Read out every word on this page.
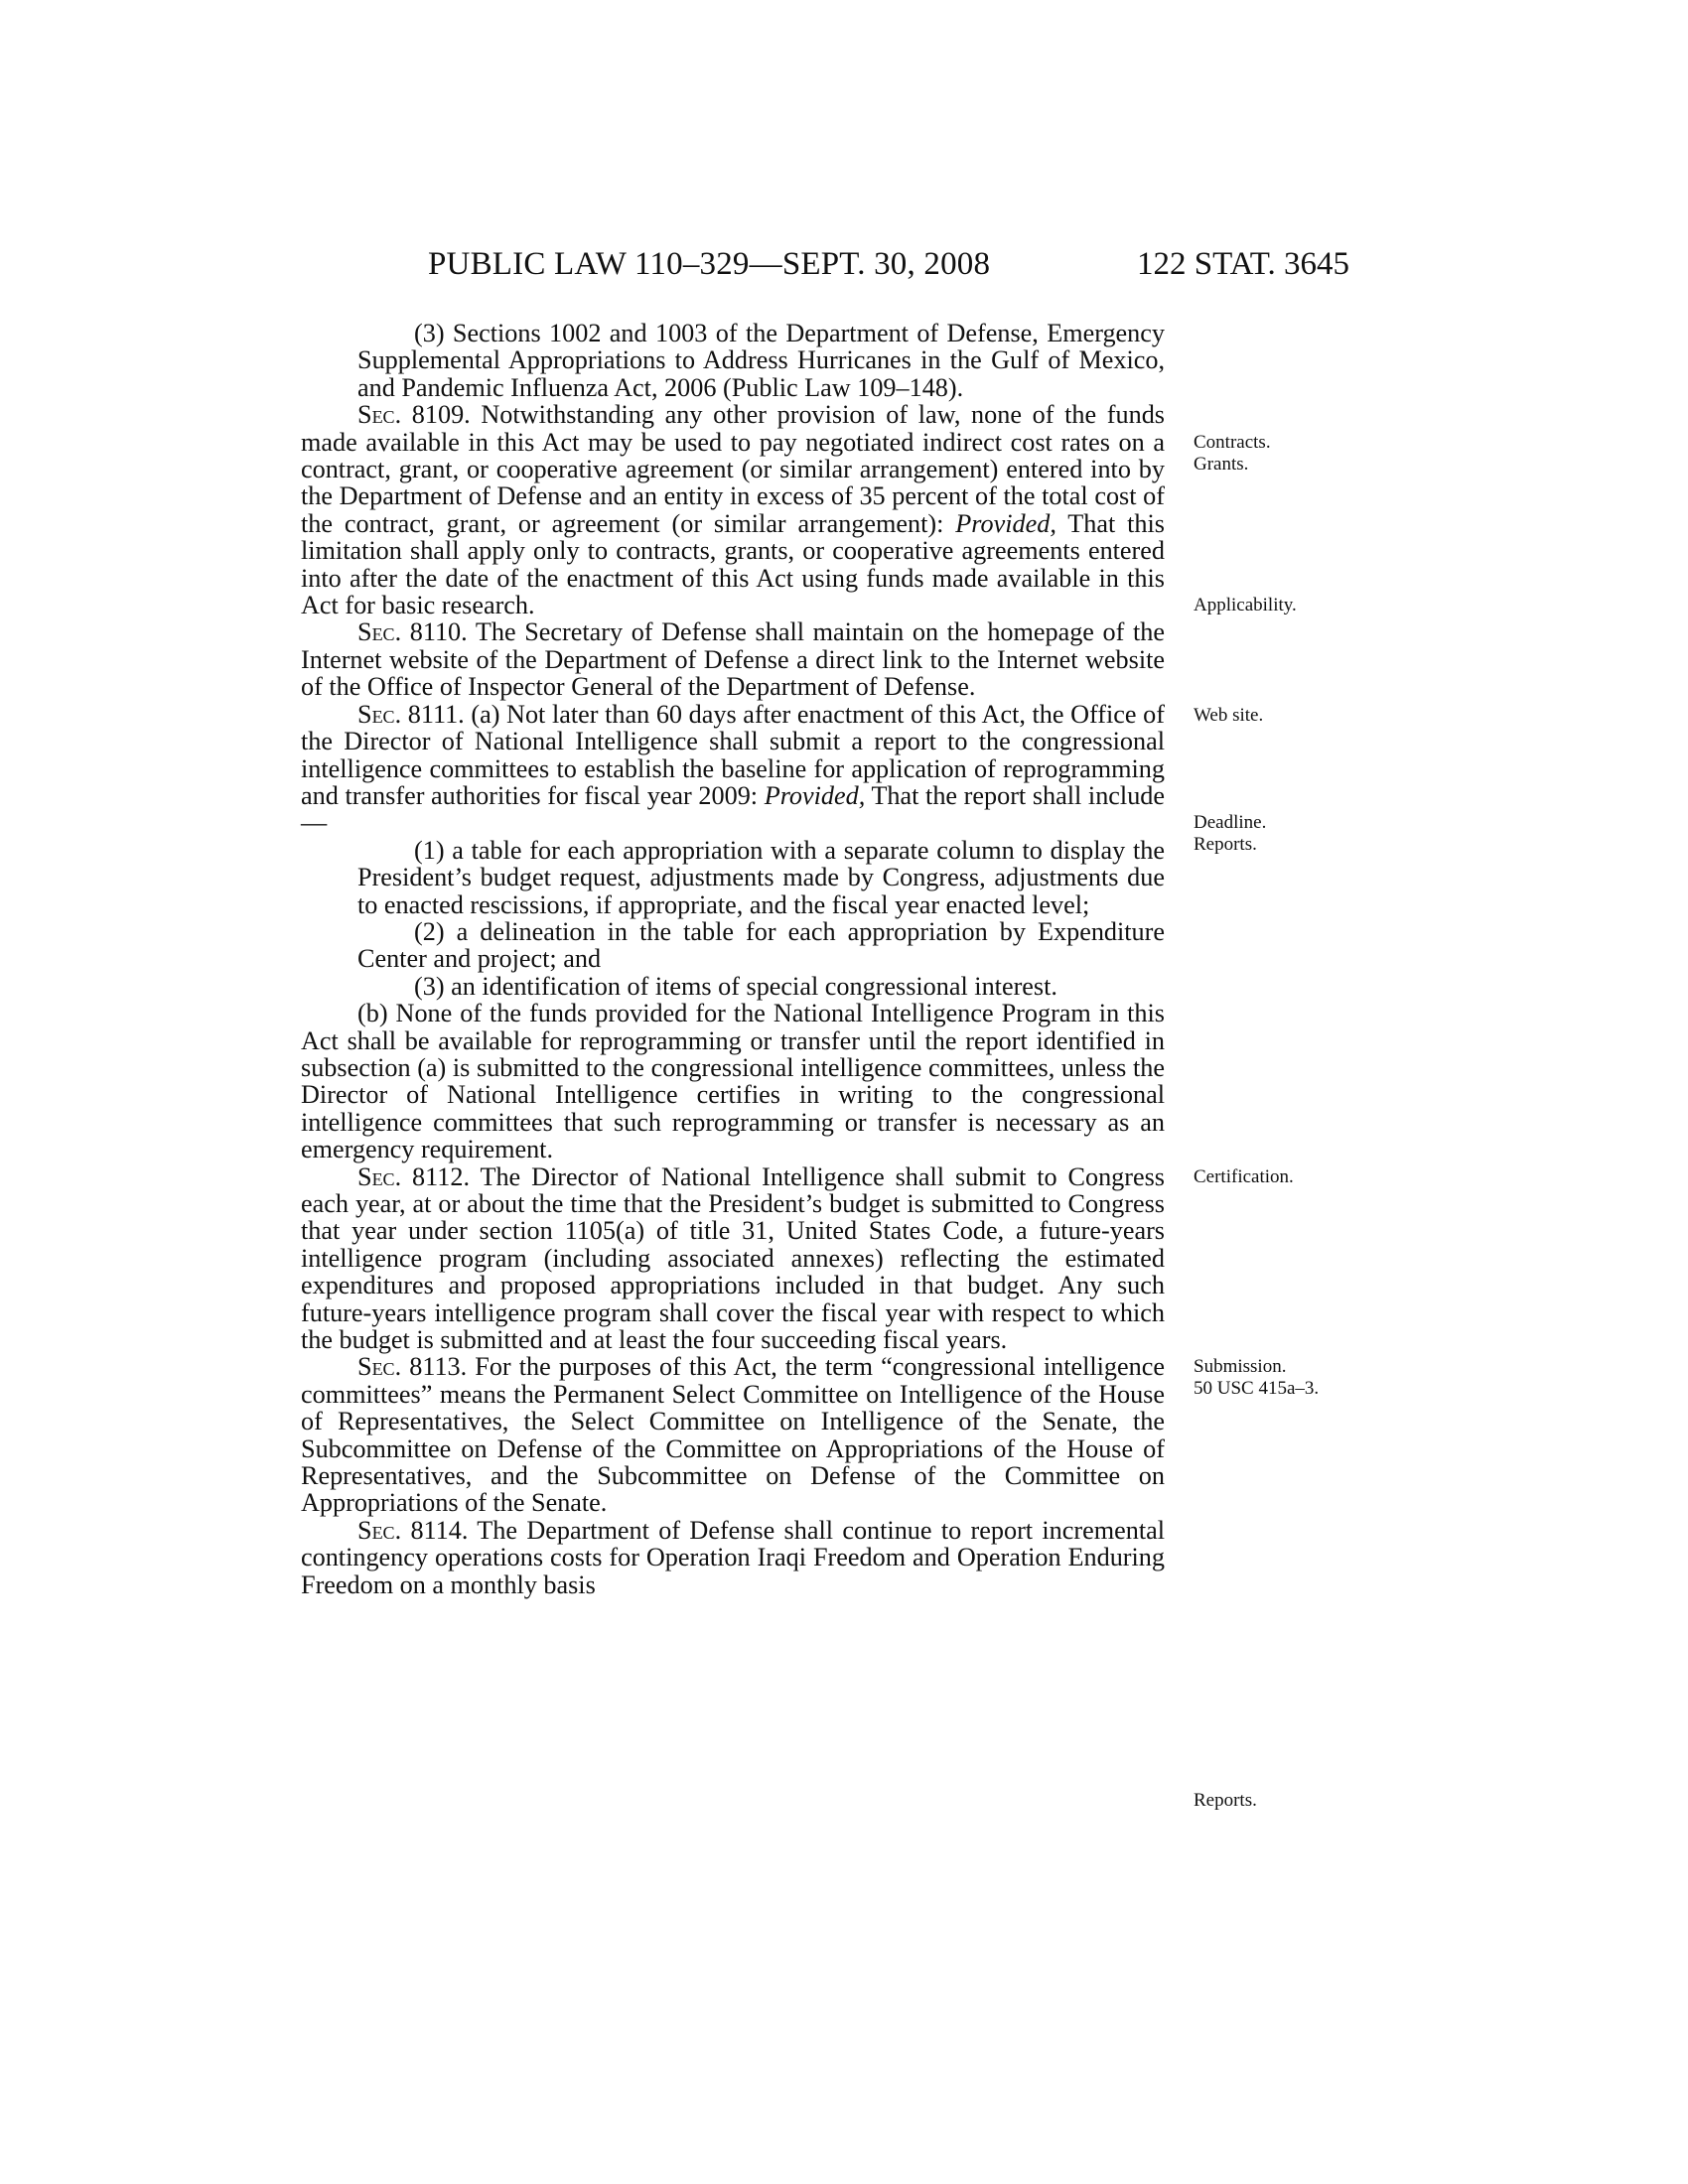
PUBLIC LAW 110–329—SEPT. 30, 2008	122 STAT. 3645

(3) Sections 1002 and 1003 of the Department of Defense, Emergency Supplemental Appropriations to Address Hurricanes in the Gulf of Mexico, and Pandemic Influenza Act, 2006 (Public Law 109–148).

Sec. 8109. Notwithstanding any other provision of law, none of the funds made available in this Act may be used to pay negotiated indirect cost rates on a contract, grant, or cooperative agreement (or similar arrangement) entered into by the Department of Defense and an entity in excess of 35 percent of the total cost of the contract, grant, or agreement (or similar arrangement): Provided, That this limitation shall apply only to contracts, grants, or cooperative agreements entered into after the date of the enactment of this Act using funds made available in this Act for basic research.

Sec. 8110. The Secretary of Defense shall maintain on the homepage of the Internet website of the Department of Defense a direct link to the Internet website of the Office of Inspector General of the Department of Defense.

Sec. 8111. (a) Not later than 60 days after enactment of this Act, the Office of the Director of National Intelligence shall submit a report to the congressional intelligence committees to establish the baseline for application of reprogramming and transfer authorities for fiscal year 2009: Provided, That the report shall include—

(1) a table for each appropriation with a separate column to display the President’s budget request, adjustments made by Congress, adjustments due to enacted rescissions, if appropriate, and the fiscal year enacted level;

(2) a delineation in the table for each appropriation by Expenditure Center and project; and

(3) an identification of items of special congressional interest.

(b) None of the funds provided for the National Intelligence Program in this Act shall be available for reprogramming or transfer until the report identified in subsection (a) is submitted to the congressional intelligence committees, unless the Director of National Intelligence certifies in writing to the congressional intelligence committees that such reprogramming or transfer is necessary as an emergency requirement.

Sec. 8112. The Director of National Intelligence shall submit to Congress each year, at or about the time that the President’s budget is submitted to Congress that year under section 1105(a) of title 31, United States Code, a future-years intelligence program (including associated annexes) reflecting the estimated expenditures and proposed appropriations included in that budget. Any such future-years intelligence program shall cover the fiscal year with respect to which the budget is submitted and at least the four succeeding fiscal years.

Sec. 8113. For the purposes of this Act, the term “congressional intelligence committees” means the Permanent Select Committee on Intelligence of the House of Representatives, the Select Committee on Intelligence of the Senate, the Subcommittee on Defense of the Committee on Appropriations of the House of Representatives, and the Subcommittee on Defense of the Committee on Appropriations of the Senate.

Sec. 8114. The Department of Defense shall continue to report incremental contingency operations costs for Operation Iraqi Freedom and Operation Enduring Freedom on a monthly basis

Contracts.
Grants.
Applicability.
Web site.
Deadline.
Reports.
Certification.
Submission.
50 USC 415a–3.
Reports.
